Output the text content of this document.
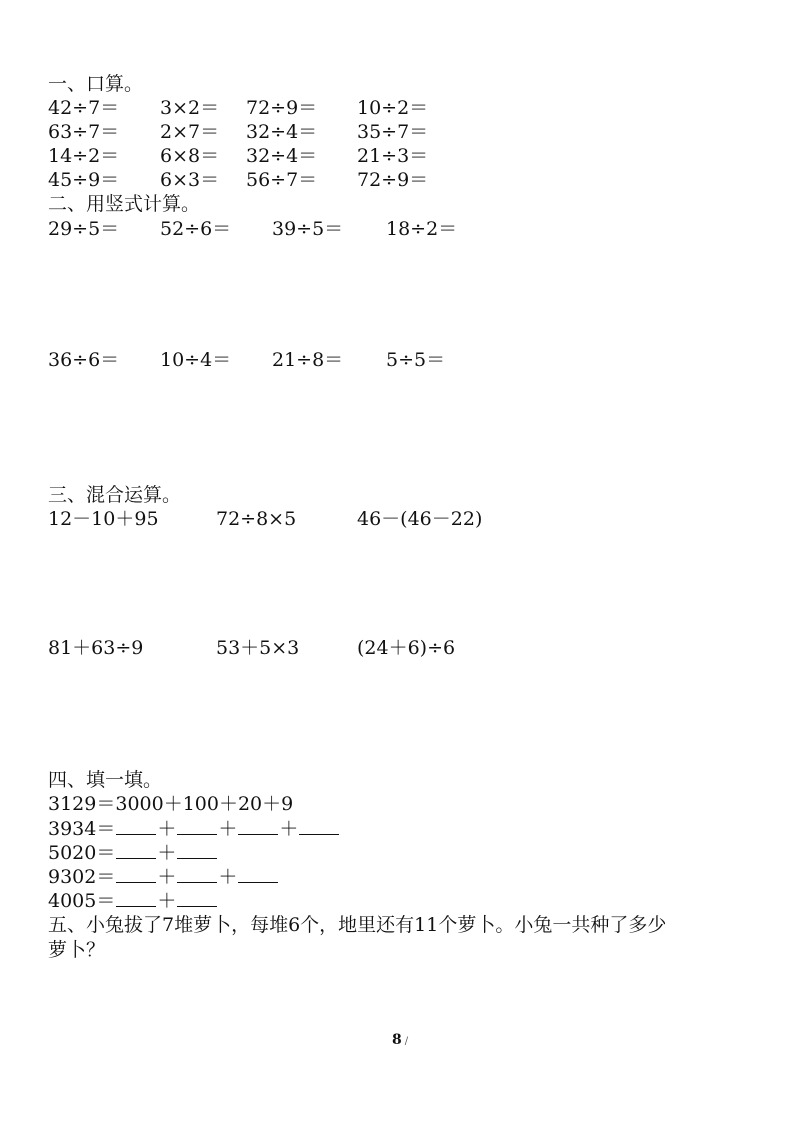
一、口算。
42÷7＝ 3×2＝ 72÷9＝ 10÷2＝
63÷7＝ 2×7＝ 32÷4＝ 35÷7＝
14÷2＝ 6×8＝ 32÷4＝ 21÷3＝
45÷9＝ 6×3＝ 56÷7＝ 72÷9＝
二、用竖式计算。
29÷5＝ 52÷6＝ 39÷5＝ 18÷2＝
36÷6＝ 10÷4＝ 21÷8＝ 5÷5＝
三、混合运算。
12－10＋95	72÷8×5	46－(46－22)
81＋63÷9	53＋5×3	(24＋6)÷6
四、填一填。
3129＝3000＋100＋20＋9
3934＝ ＋ ＋ ＋
5020＝ ＋
9302＝ ＋ ＋
4005＝ ＋
五、小兔拔了7堆萝卜，每堆6个，地里还有11个萝卜。小兔一共种了多少
萝卜？
8 /
